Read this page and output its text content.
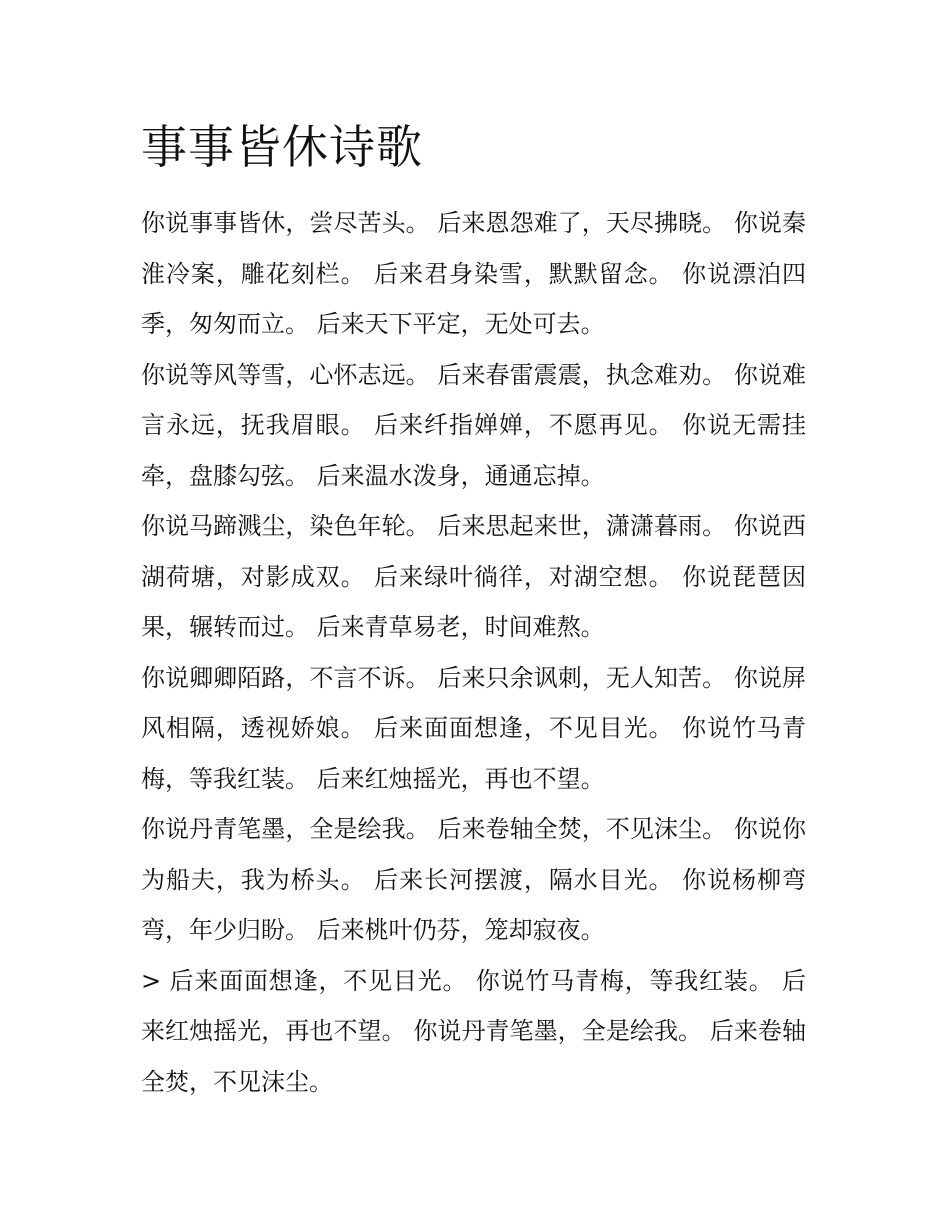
事事皆休诗歌

你说事事皆休，尝尽苦头。 后来恩怨难了，天尽拂晓。 你说秦淮冷案，雕花刻栏。 后来君身染雪，默默留念。 你说漂泊四季，匆匆而立。 后来天下平定，无处可去。

你说等风等雪，心怀志远。 后来春雷震震，执念难劝。 你说难言永远，抚我眉眼。 后来纤指婵婵，不愿再见。 你说无需挂牵，盘膝勾弦。 后来温水泼身，通通忘掉。

你说马蹄溅尘，染色年轮。 后来思起来世，潇潇暮雨。 你说西湖荷塘，对影成双。 后来绿叶徜徉，对湖空想。 你说琵琶因果，辗转而过。 后来青草易老，时间难熬。

你说卿卿陌路，不言不诉。 后来只余讽刺，无人知苦。 你说屏风相隔，透视娇娘。 后来面面想逢，不见目光。 你说竹马青梅，等我红装。 后来红烛摇光，再也不望。

你说丹青笔墨，全是绘我。 后来卷轴全焚，不见沫尘。 你说你为船夫，我为桥头。 后来长河摆渡，隔水目光。 你说杨柳弯弯，年少归盼。 后来桃叶仍芬，笼却寂夜。

> 后来面面想逢，不见目光。 你说竹马青梅，等我红装。 后来红烛摇光，再也不望。 你说丹青笔墨，全是绘我。 后来卷轴全焚，不见沫尘。
